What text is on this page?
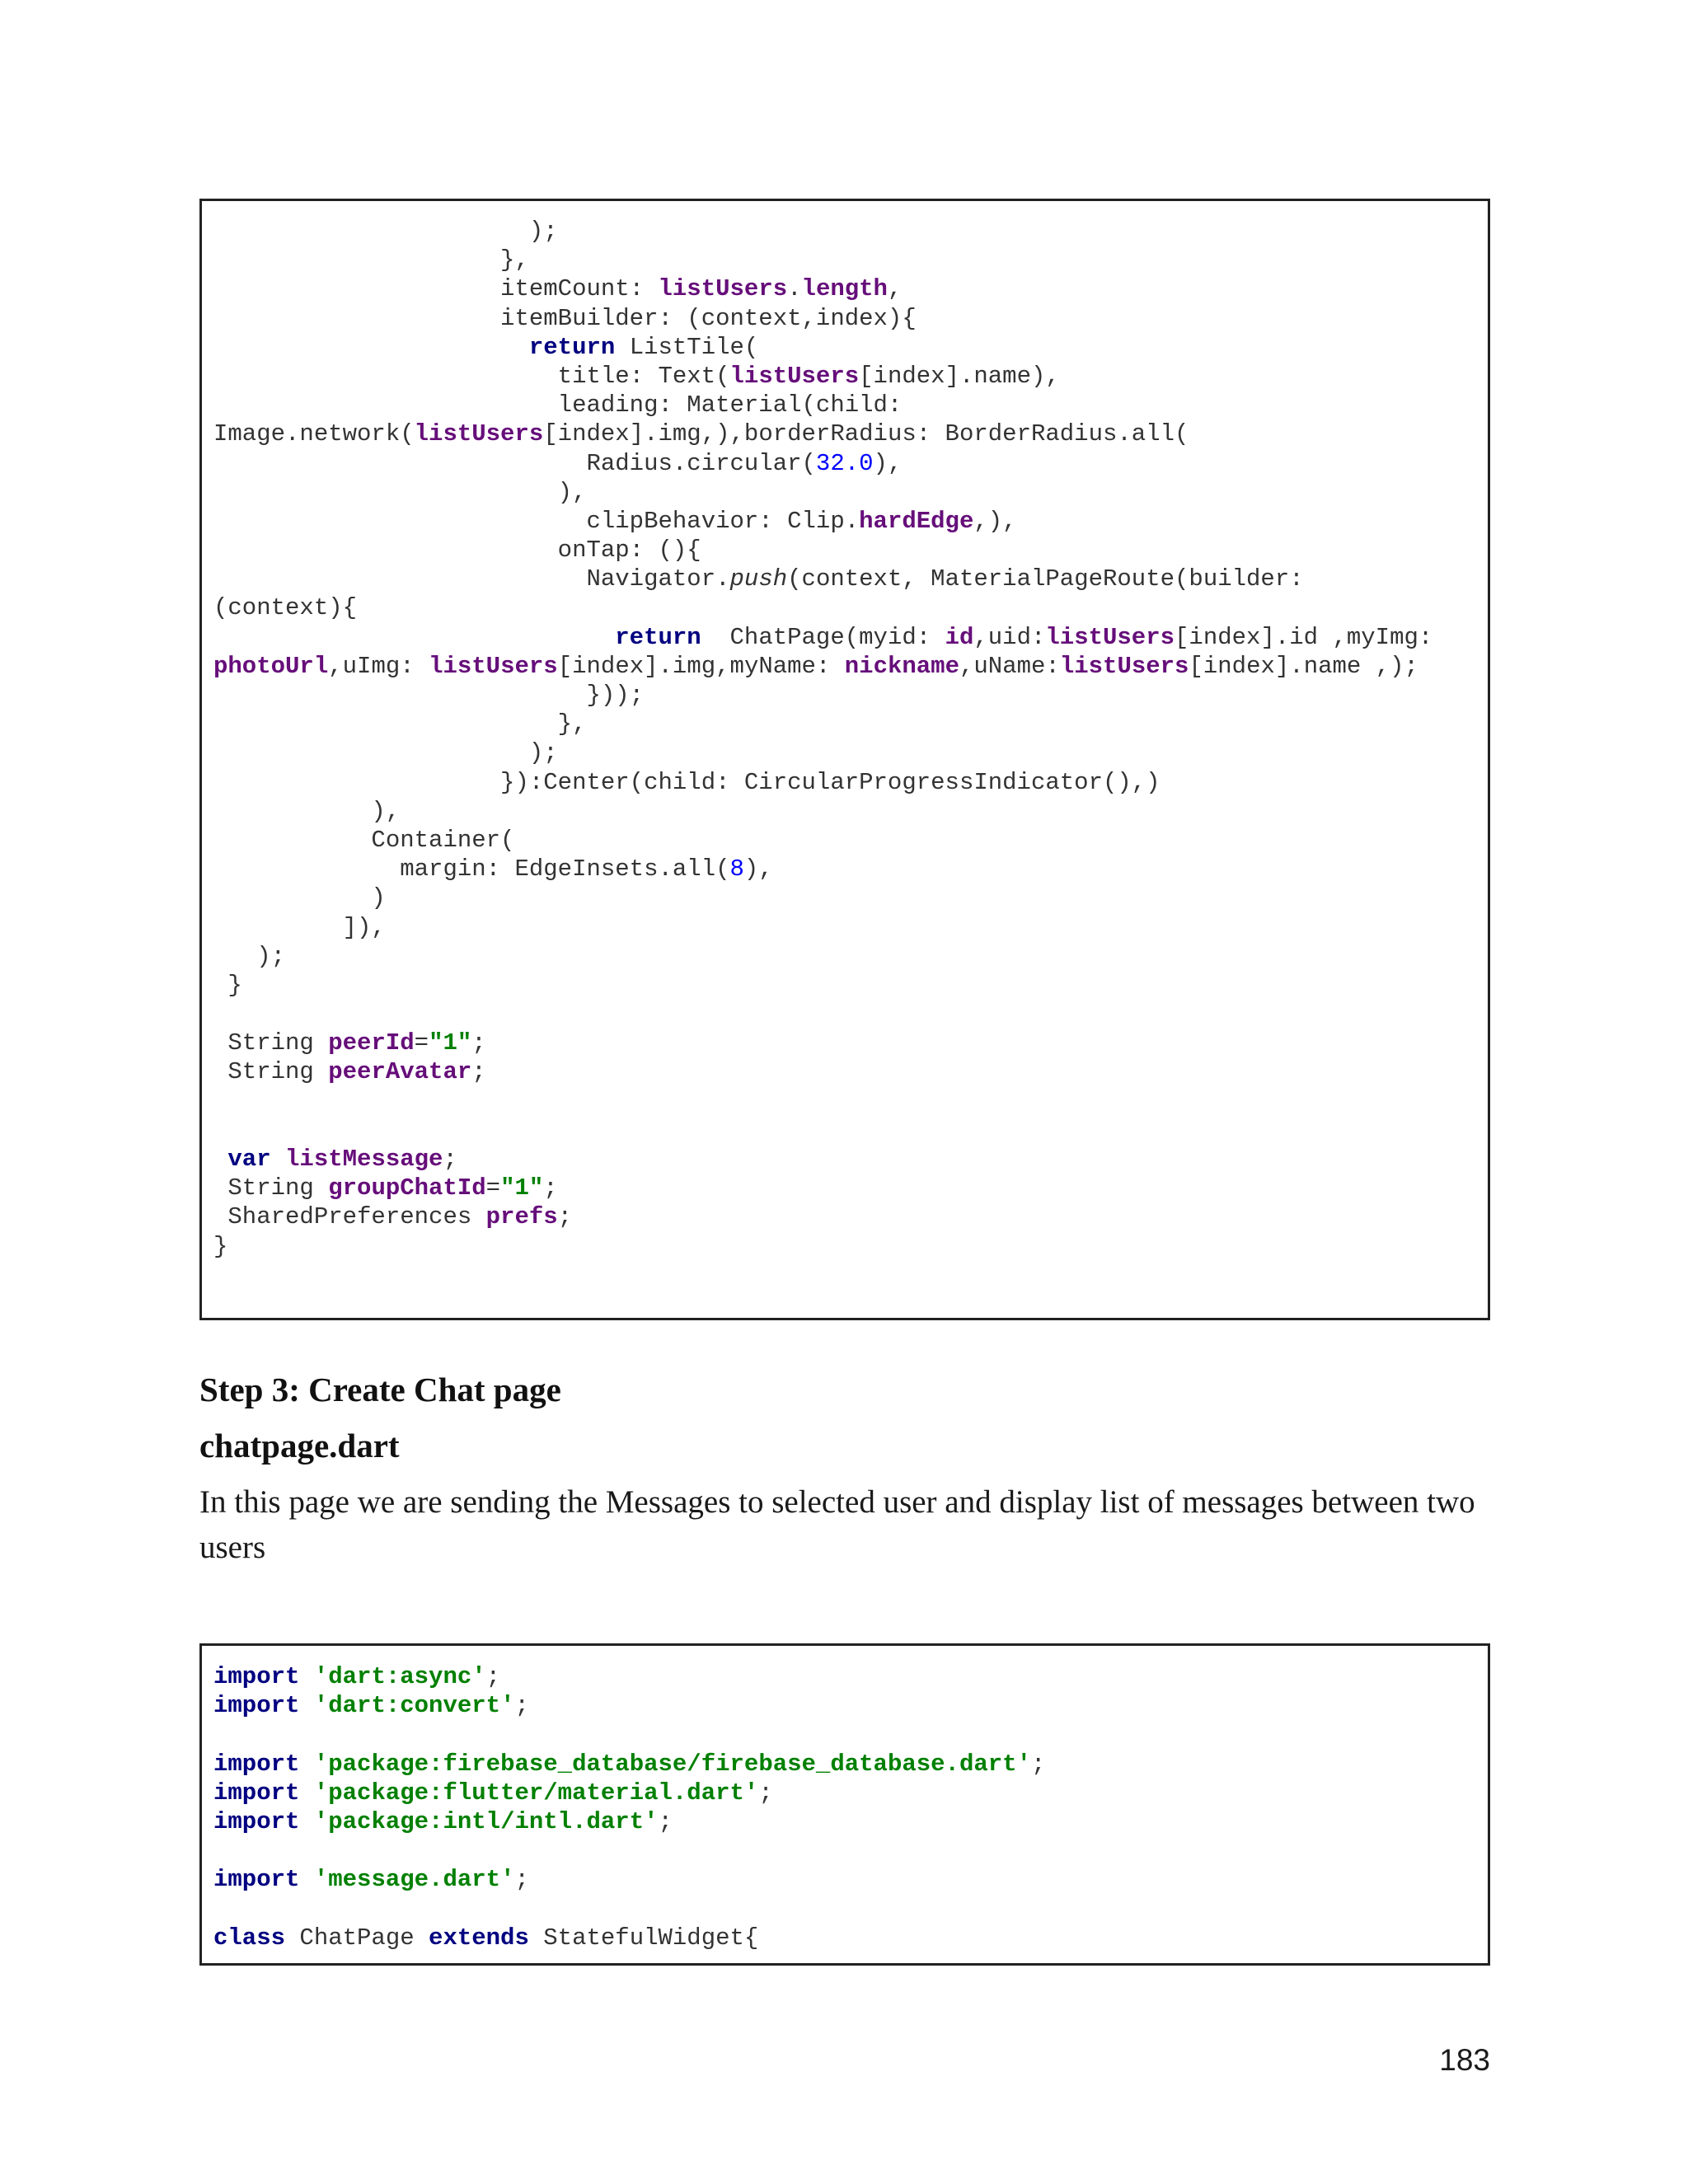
);
},
itemCount: listUsers.length,
itemBuilder: (context,index){
return ListTile(
title: Text(listUsers[index].name),
leading: Material(child:
Image.network(listUsers[index].img,),borderRadius: BorderRadius.all(
Radius.circular(32.0),
),
clipBehavior: Clip.hardEdge,),
onTap: (){
Navigator.push(context, MaterialPageRoute(builder:
(context){
return  ChatPage(myid: id,uid:listUsers[index].id ,myImg:
photoUrl,uImg: listUsers[index].img,myName: nickname,uName:listUsers[index].name ,);
}));
},
);
}):Center(child: CircularProgressIndicator(),)
),
Container(
margin: EdgeInsets.all(8),
)
]),
);
}

String peerId="1";
String peerAvatar;

var listMessage;
String groupChatId="1";
SharedPreferences prefs;
}
Step 3: Create Chat page
chatpage.dart

In this page we are sending the Messages to selected user and display list of messages between two users

import 'dart:async';
import 'dart:convert';

import 'package:firebase_database/firebase_database.dart';
import 'package:flutter/material.dart';
import 'package:intl/intl.dart';

import 'message.dart';

class ChatPage extends StatefulWidget{
183
